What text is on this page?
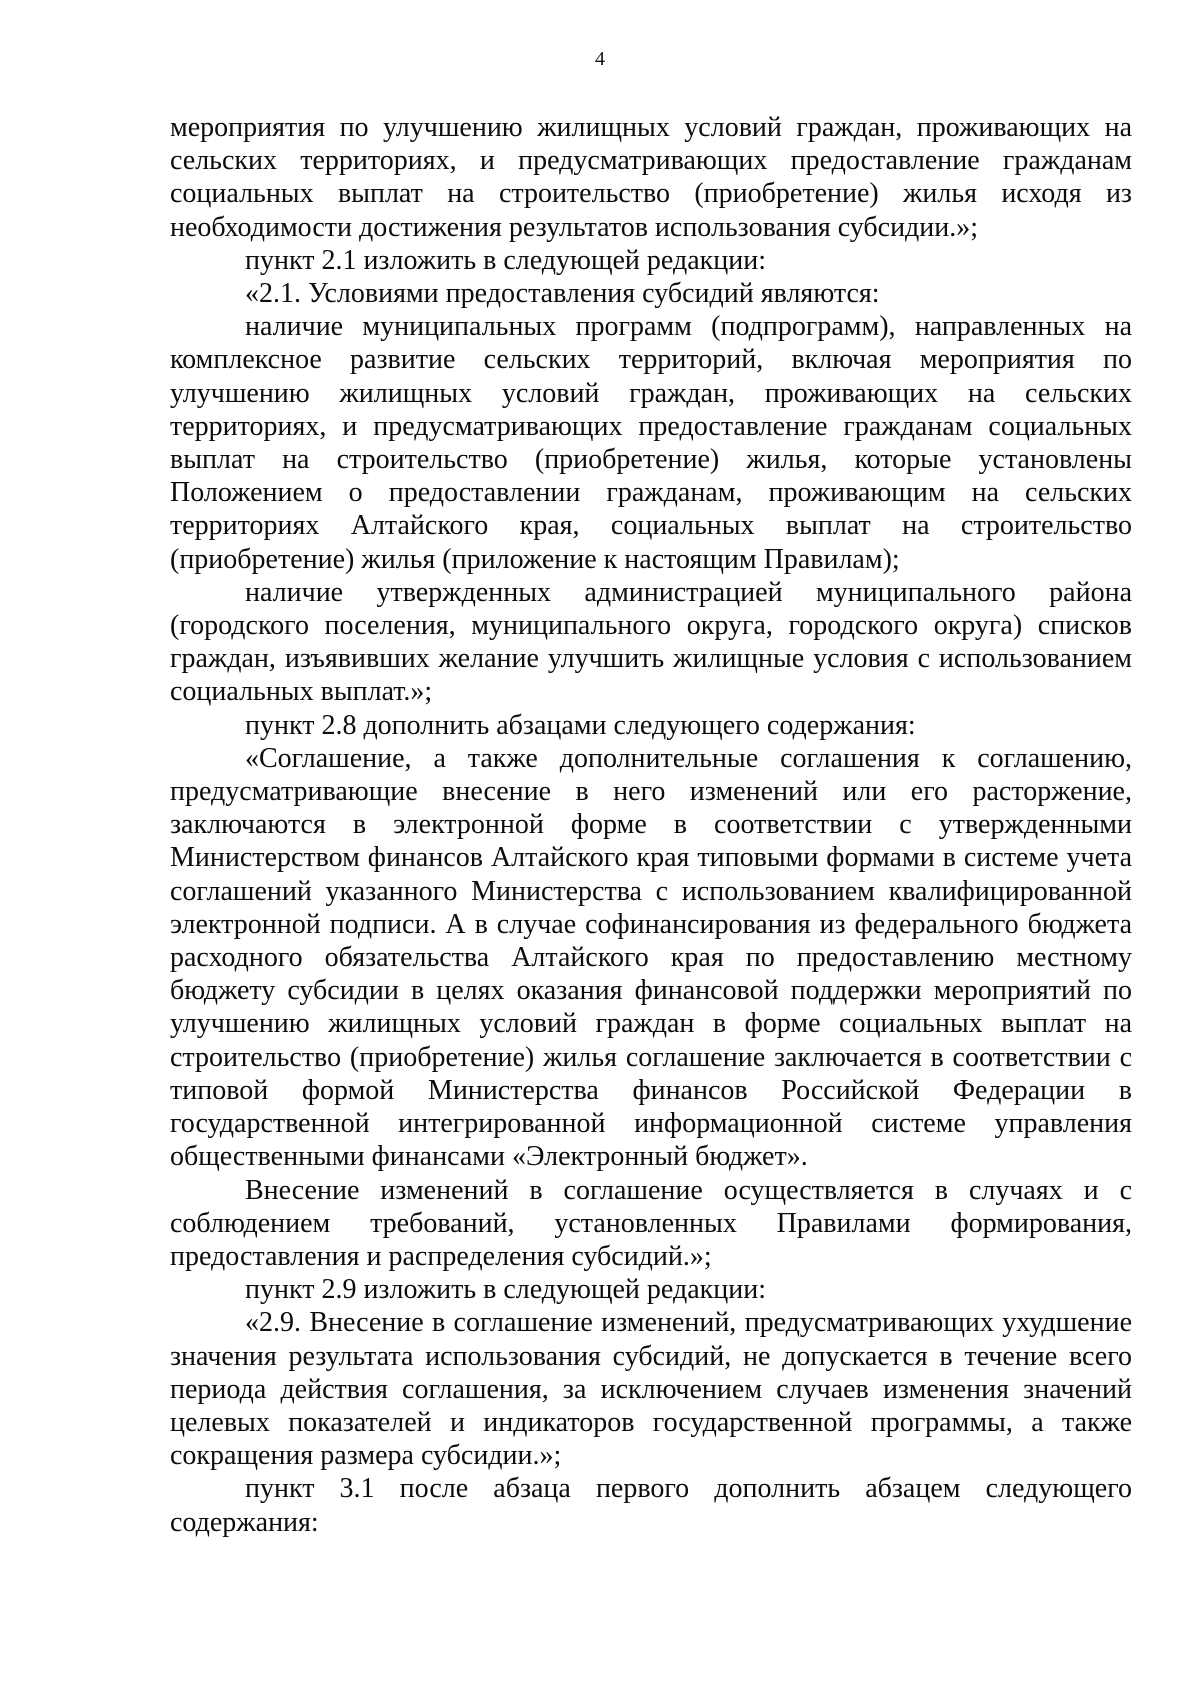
4

мероприятия по улучшению жилищных условий граждан, проживающих на сельских территориях, и предусматривающих предоставление гражданам социальных выплат на строительство (приобретение) жилья исходя из необходимости достижения результатов использования субсидии.»;

пункт 2.1 изложить в следующей редакции:

«2.1. Условиями предоставления субсидий являются:

наличие муниципальных программ (подпрограмм), направленных на комплексное развитие сельских территорий, включая мероприятия по улучшению жилищных условий граждан, проживающих на сельских территориях, и предусматривающих предоставление гражданам социальных выплат на строительство (приобретение) жилья, которые установлены Положением о предоставлении гражданам, проживающим на сельских территориях Алтайского края, социальных выплат на строительство (приобретение) жилья (приложение к настоящим Правилам);

наличие утвержденных администрацией муниципального района (городского поселения, муниципального округа, городского округа) списков граждан, изъявивших желание улучшить жилищные условия с использованием социальных выплат.»;

пункт 2.8 дополнить абзацами следующего содержания:

«Соглашение, а также дополнительные соглашения к соглашению, предусматривающие внесение в него изменений или его расторжение, заключаются в электронной форме в соответствии с утвержденными Министерством финансов Алтайского края типовыми формами в системе учета соглашений указанного Министерства с использованием квалифицированной электронной подписи. А в случае софинансирования из федерального бюджета расходного обязательства Алтайского края по предоставлению местному бюджету субсидии в целях оказания финансовой поддержки мероприятий по улучшению жилищных условий граждан в форме социальных выплат на строительство (приобретение) жилья соглашение заключается в соответствии с типовой формой Министерства финансов Российской Федерации в государственной интегрированной информационной системе управления общественными финансами «Электронный бюджет».

Внесение изменений в соглашение осуществляется в случаях и с соблюдением требований, установленных Правилами формирования, предоставления и распределения субсидий.»;

пункт 2.9 изложить в следующей редакции:

«2.9. Внесение в соглашение изменений, предусматривающих ухудшение значения результата использования субсидий, не допускается в течение всего периода действия соглашения, за исключением случаев изменения значений целевых показателей и индикаторов государственной программы, а также сокращения размера субсидии.»;

пункт 3.1 после абзаца первого дополнить абзацем следующего содержания:
